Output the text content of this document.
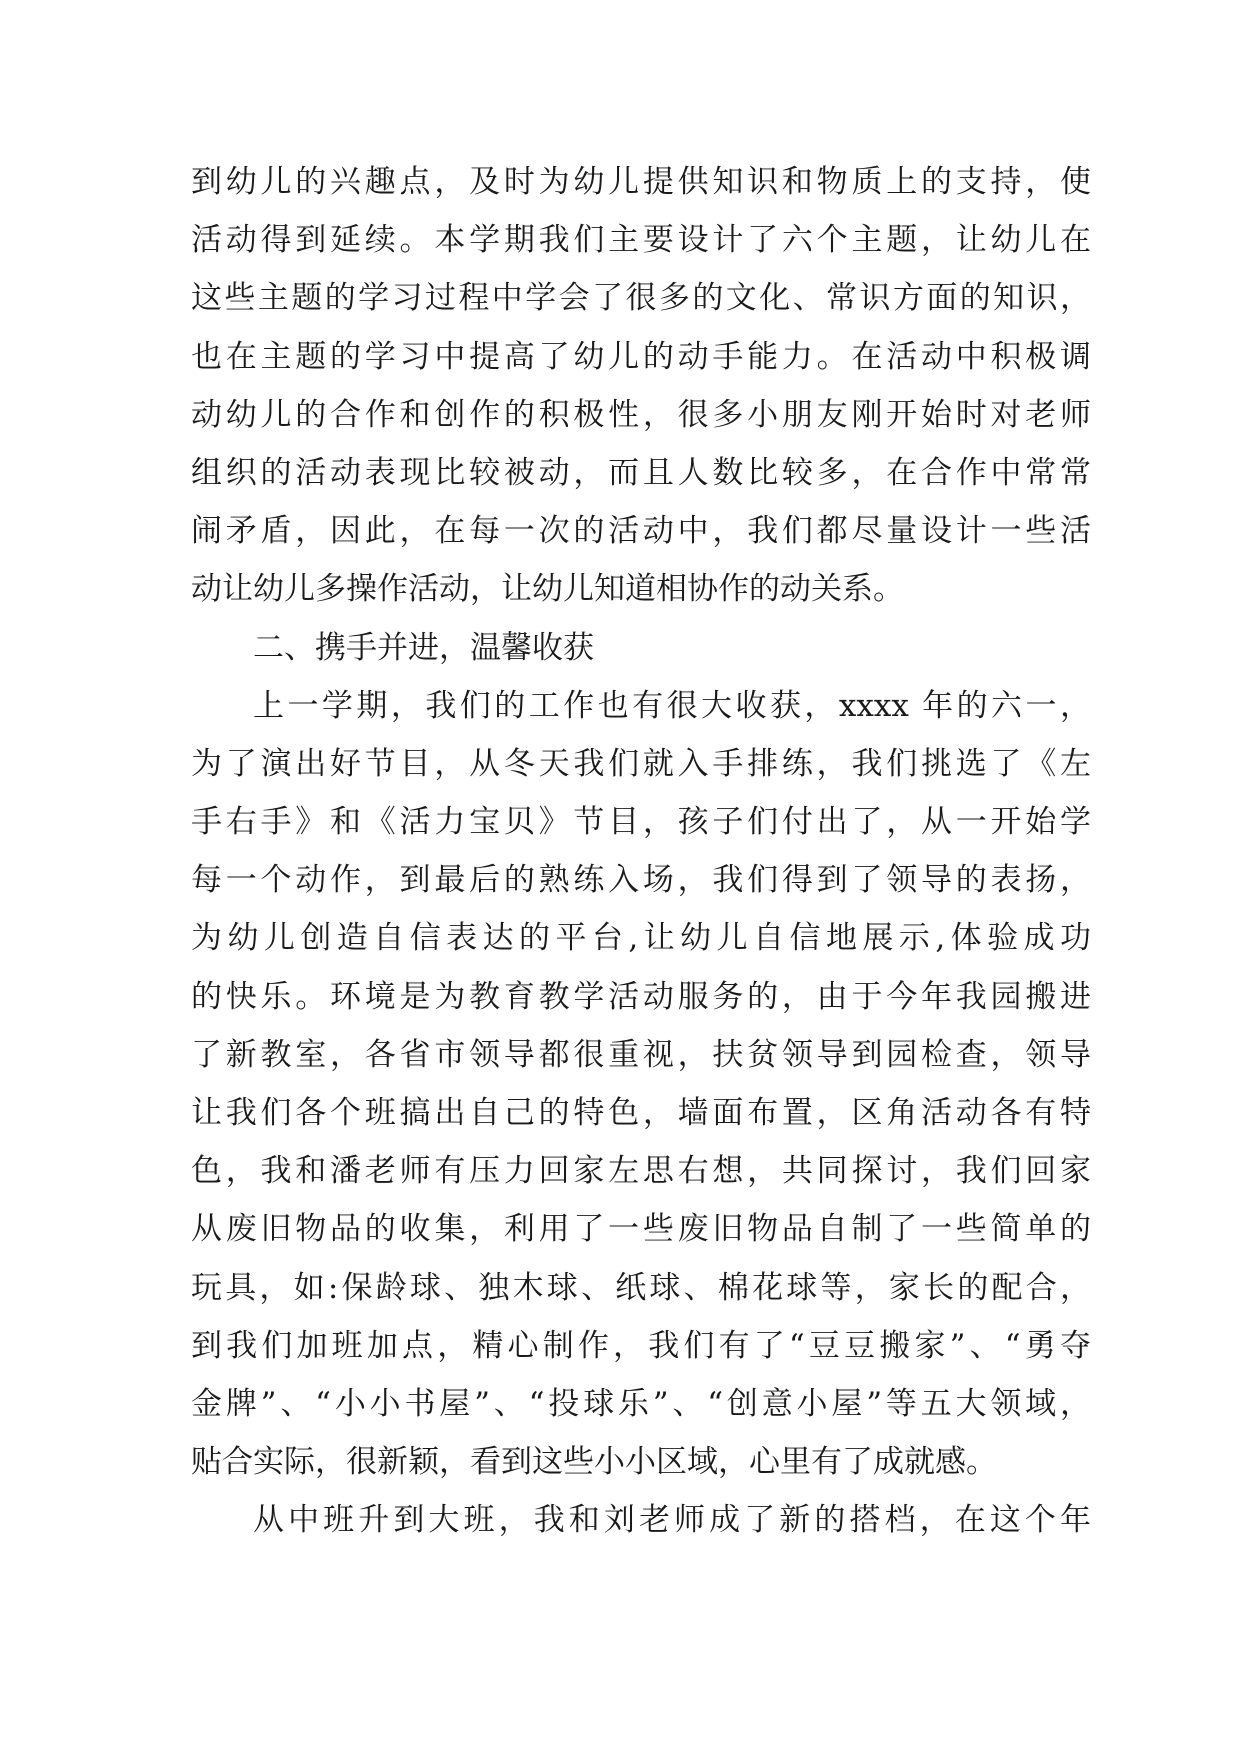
到幼儿的兴趣点，及时为幼儿提供知识和物质上的支持，使
活动得到延续。本学期我们主要设计了六个主题，让幼儿在
这些主题的学习过程中学会了很多的文化、常识方面的知识，
也在主题的学习中提高了幼儿的动手能力。在活动中积极调
动幼儿的合作和创作的积极性，很多小朋友刚开始时对老师
组织的活动表现比较被动，而且人数比较多，在合作中常常
闹矛盾，因此，在每一次的活动中，我们都尽量设计一些活
动让幼儿多操作活动，让幼儿知道相协作的动关系。
二、携手并进，温馨收获
上一学期，我们的工作也有很大收获，xxxx 年的六一，
为了演出好节目，从冬天我们就入手排练，我们挑选了《左
手右手》和《活力宝贝》节目，孩子们付出了，从一开始学
每一个动作，到最后的熟练入场，我们得到了领导的表扬，
为幼儿创造自信表达的平台,让幼儿自信地展示,体验成功
的快乐。环境是为教育教学活动服务的，由于今年我园搬进
了新教室，各省市领导都很重视，扶贫领导到园检查，领导
让我们各个班搞出自己的特色，墙面布置，区角活动各有特
色，我和潘老师有压力回家左思右想，共同探讨，我们回家
从废旧物品的收集，利用了一些废旧物品自制了一些简单的
玩具，如:保龄球、独木球、纸球、棉花球等，家长的配合，
到我们加班加点，精心制作，我们有了“豆豆搬家”、“勇夺
金牌”、“小小书屋”、“投球乐”、“创意小屋”等五大领域，
贴合实际，很新颖，看到这些小小区域，心里有了成就感。
从中班升到大班，我和刘老师成了新的搭档，在这个年
